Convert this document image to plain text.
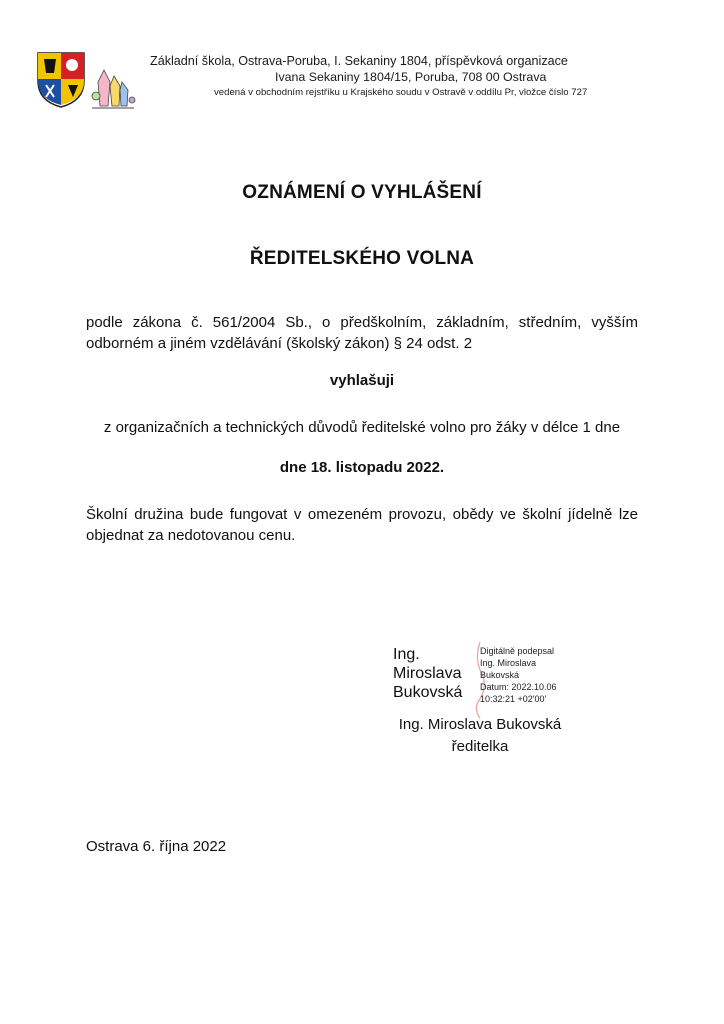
Základní škola, Ostrava-Poruba, I. Sekaniny 1804, příspěvková organizace
Ivana Sekaniny 1804/15, Poruba, 708 00 Ostrava
vedená v obchodním rejstříku u Krajského soudu v Ostravě v oddílu Pr, vložce číslo 727
OZNÁMENÍ O VYHLÁŠENÍ
ŘEDITELSKÉHO VOLNA
podle zákona č. 561/2004 Sb., o předškolním, základním, středním, vyšším odborném a jiném vzdělávání (školský zákon) § 24 odst. 2
vyhlašuji
z organizačních a technických důvodů ředitelské volno pro žáky v délce 1 dne
dne 18. listopadu 2022.
Školní družina bude fungovat v omezeném provozu, obědy ve školní jídelně lze objednat za nedotovanou cenu.
Ing.
Miroslava
Bukovská
Digitálně podepsal
Ing. Miroslava
Bukovská
Datum: 2022.10.06
10:32:21 +02'00'
Ing. Miroslava Bukovská
ředitelka
Ostrava 6. října 2022
